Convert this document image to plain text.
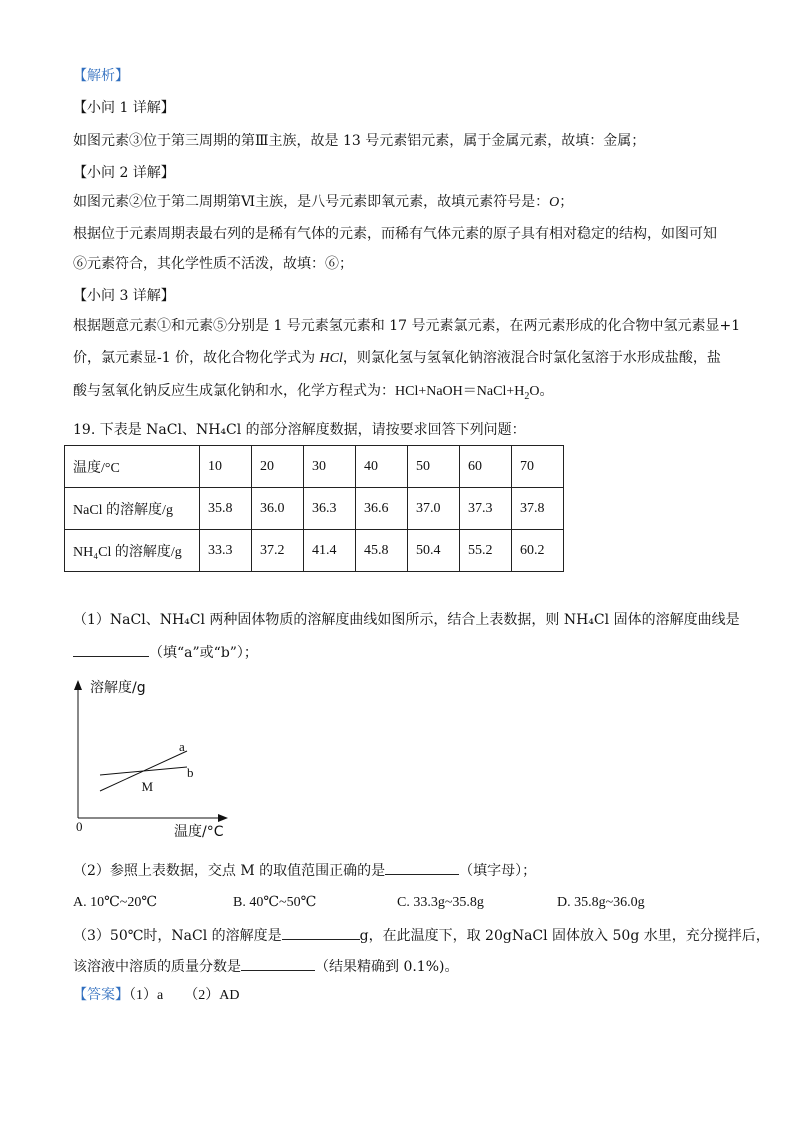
【解析】
【小问 1 详解】
如图元素③位于第三周期的第Ⅲ主族，故是 13 号元素铝元素，属于金属元素，故填：金属；
【小问 2 详解】
如图元素②位于第二周期第Ⅵ主族，是八号元素即氧元素，故填元素符号是：O；
根据位于元素周期表最右列的是稀有气体的元素，而稀有气体元素的原子具有相对稳定的结构，如图可知
⑥元素符合，其化学性质不活泼，故填：⑥；
【小问 3 详解】
根据题意元素①和元素⑤分别是 1 号元素氢元素和 17 号元素氯元素，在两元素形成的化合物中氢元素显+1
价，氯元素显-1 价，故化合物化学式为 HCl，则氯化氢与氢氧化钠溶液混合时氯化氢溶于水形成盐酸，盐
酸与氢氧化钠反应生成氯化钠和水，化学方程式为：$HCl+NaOH=NaCl+H_2O$。
19. 下表是 NaCl、NH₄Cl 的部分溶解度数据，请按要求回答下列问题：
温度/°C	10	20	30	40	50	60	70
NaCl 的溶解度/g	35.8	36.0	36.3	36.6	37.0	37.3	37.8
NH₄Cl 的溶解度/g	33.3	37.2	41.4	45.8	50.4	55.2	60.2
（1）NaCl、NH₄Cl 两种固体物质的溶解度曲线如图所示，结合上表数据，则 NH₄Cl 固体的溶解度曲线是
（填“a”或“b”）；
溶解度/g
温度/°C
0
a
b
M
（2）参照上表数据，交点 M 的取值范围正确的是	（填字母）；
A. 10℃~20℃	B. 40℃~50℃	C. 33.3g~35.8g	D. 35.8g~36.0g
（3）50℃时，NaCl 的溶解度是	g，在此温度下，取 20gNaCl 固体放入 50g 水里，充分搅拌后，
该溶液中溶质的质量分数是	（结果精确到 0.1%)。
【答案】（1）a　　（2）AD
